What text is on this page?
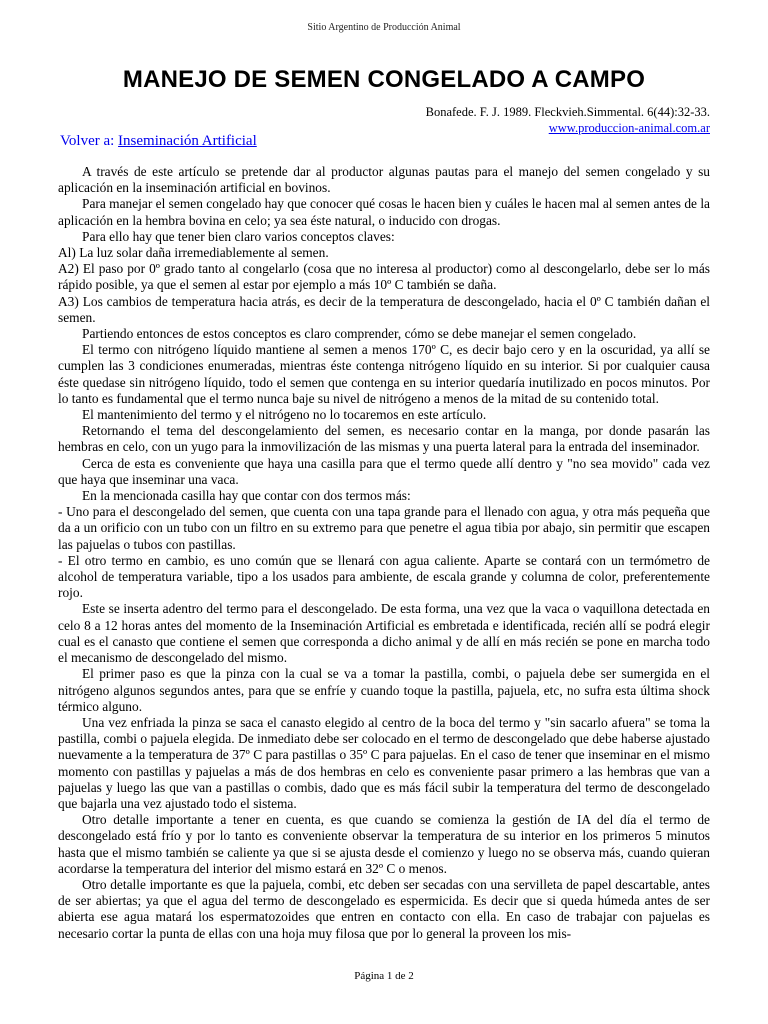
Sitio Argentino de Producción Animal
MANEJO DE SEMEN CONGELADO A CAMPO
Bonafede. F. J. 1989. Fleckvieh.Simmental. 6(44):32-33.
www.produccion-animal.com.ar
Volver a: Inseminación Artificial

A través de este artículo se pretende dar al productor algunas pautas para el manejo del semen congelado y su aplicación en la inseminación artificial en bovinos.

Para manejar el semen congelado hay que conocer qué cosas le hacen bien y cuáles le hacen mal al semen antes de la aplicación en la hembra bovina en celo; ya sea éste natural, o inducido con drogas.

Para ello hay que tener bien claro varios conceptos claves:

Al) La luz solar daña irremediablemente al semen.

A2) El paso por 0º grado tanto al congelarlo (cosa que no interesa al productor) como al descongelarlo, debe ser lo más rápido posible, ya que el semen al estar por ejemplo a más 10º C también se daña.

A3) Los cambios de temperatura hacia atrás, es decir de la temperatura de descongelado, hacia el 0º C también dañan el semen.

Partiendo entonces de estos conceptos es claro comprender, cómo se debe manejar el semen congelado.

El termo con nitrógeno líquido mantiene al semen a menos 170º C, es decir bajo cero y en la oscuridad, ya allí se cumplen las 3 condiciones enumeradas, mientras éste contenga nitrógeno líquido en su interior. Si por cualquier causa éste quedase sin nitrógeno líquido, todo el semen que contenga en su interior quedaría inutilizado en pocos minutos. Por lo tanto es fundamental que el termo nunca baje su nivel de nitrógeno a menos de la mitad de su contenido total.

El mantenimiento del termo y el nitrógeno no lo tocaremos en este artículo.

Retornando el tema del descongelamiento del semen, es necesario contar en la manga, por donde pasarán las hembras en celo, con un yugo para la inmovilización de las mismas y una puerta lateral para la entrada del inseminador.

Cerca de esta es conveniente que haya una casilla para que el termo quede allí dentro y "no sea movido" cada vez que haya que inseminar una vaca.

En la mencionada casilla hay que contar con dos termos más:

- Uno para el descongelado del semen, que cuenta con una tapa grande para el llenado con agua, y otra más pequeña que da a un orificio con un tubo con un filtro en su extremo para que penetre el agua tibia por abajo, sin permitir que escapen las pajuelas o tubos con pastillas.

- El otro termo en cambio, es uno común que se llenará con agua caliente. Aparte se contará con un termómetro de alcohol de temperatura variable, tipo a los usados para ambiente, de escala grande y columna de color, preferentemente rojo.

Este se inserta adentro del termo para el descongelado. De esta forma, una vez que la vaca o vaquillona detectada en celo 8 a 12 horas antes del momento de la Inseminación Artificial es embretada e identificada, recién allí se podrá elegir cual es el canasto que contiene el semen que corresponda a dicho animal y de allí en más recién se pone en marcha todo el mecanismo de descongelado del mismo.

El primer paso es que la pinza con la cual se va a tomar la pastilla, combi, o pajuela debe ser sumergida en el nitrógeno algunos segundos antes, para que se enfríe y cuando toque la pastilla, pajuela, etc, no sufra esta última shock térmico alguno.

Una vez enfriada la pinza se saca el canasto elegido al centro de la boca del termo y "sin sacarlo afuera" se toma la pastilla, combi o pajuela elegida. De inmediato debe ser colocado en el termo de descongelado que debe haberse ajustado nuevamente a la temperatura de 37º C para pastillas o 35º C para pajuelas. En el caso de tener que inseminar en el mismo momento con pastillas y pajuelas a más de dos hembras en celo es conveniente pasar primero a las hembras que van a pajuelas y luego las que van a pastillas o combis, dado que es más fácil subir la temperatura del termo de descongelado que bajarla una vez ajustado todo el sistema.

Otro detalle importante a tener en cuenta, es que cuando se comienza la gestión de IA del día el termo de descongelado está frío y por lo tanto es conveniente observar la temperatura de su interior en los primeros 5 minutos hasta que el mismo también se caliente ya que si se ajusta desde el comienzo y luego no se observa más, cuando quieran acordarse la temperatura del interior del mismo estará en 32º C o menos.

Otro detalle importante es que la pajuela, combi, etc deben ser secadas con una servilleta de papel descartable, antes de ser abiertas; ya que el agua del termo de descongelado es espermicida. Es decir que si queda húmeda antes de ser abierta ese agua matará los espermatozoides que entren en contacto con ella. En caso de trabajar con pajuelas es necesario cortar la punta de ellas con una hoja muy filosa que por lo general la proveen los mis-

Página 1 de 2
